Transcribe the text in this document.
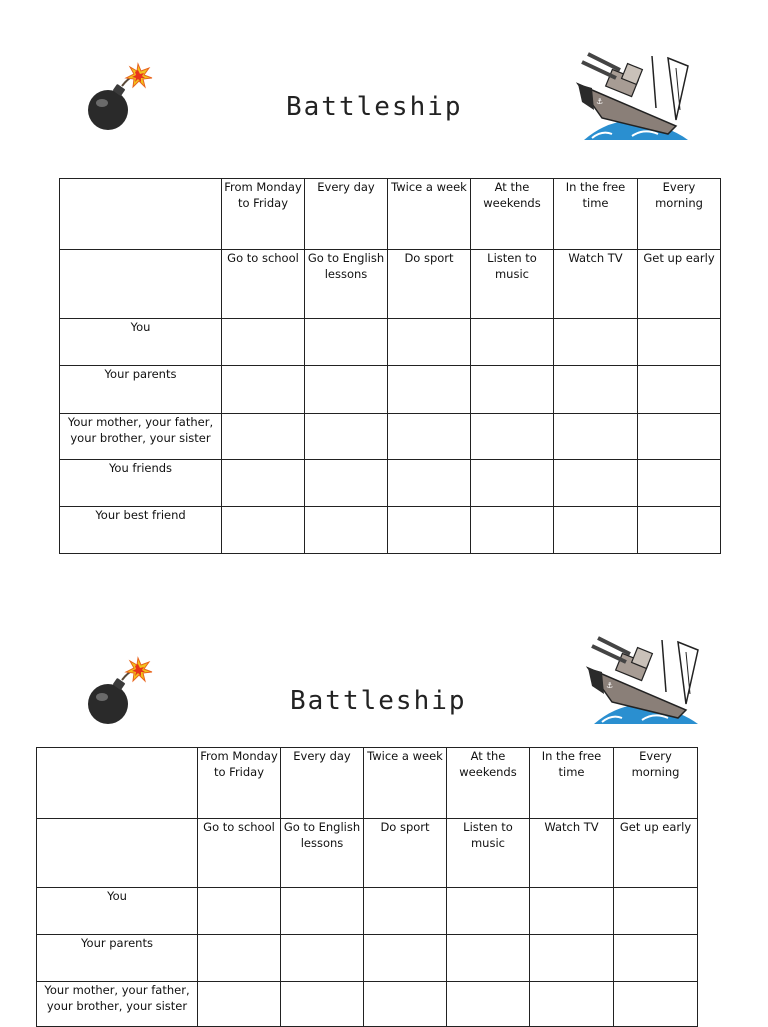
Battleship	⚓

	From Monday to Friday	Every day	Twice a week	At the weekends	In the free time	Every morning

	Go to school	Go to English lessons	Do sport	Listen to music	Watch TV	Get up early

You						

Your parents						

Your mother, your father, your brother, your sister						

You friends						

Your best friend						

Battleship
⚓

	From Monday to Friday	Every day	Twice a week	At the weekends	In the free time	Every morning

	Go to school	Go to English lessons	Do sport	Listen to music	Watch TV	Get up early

You						

Your parents						

Your mother, your father, your brother, your sister						
